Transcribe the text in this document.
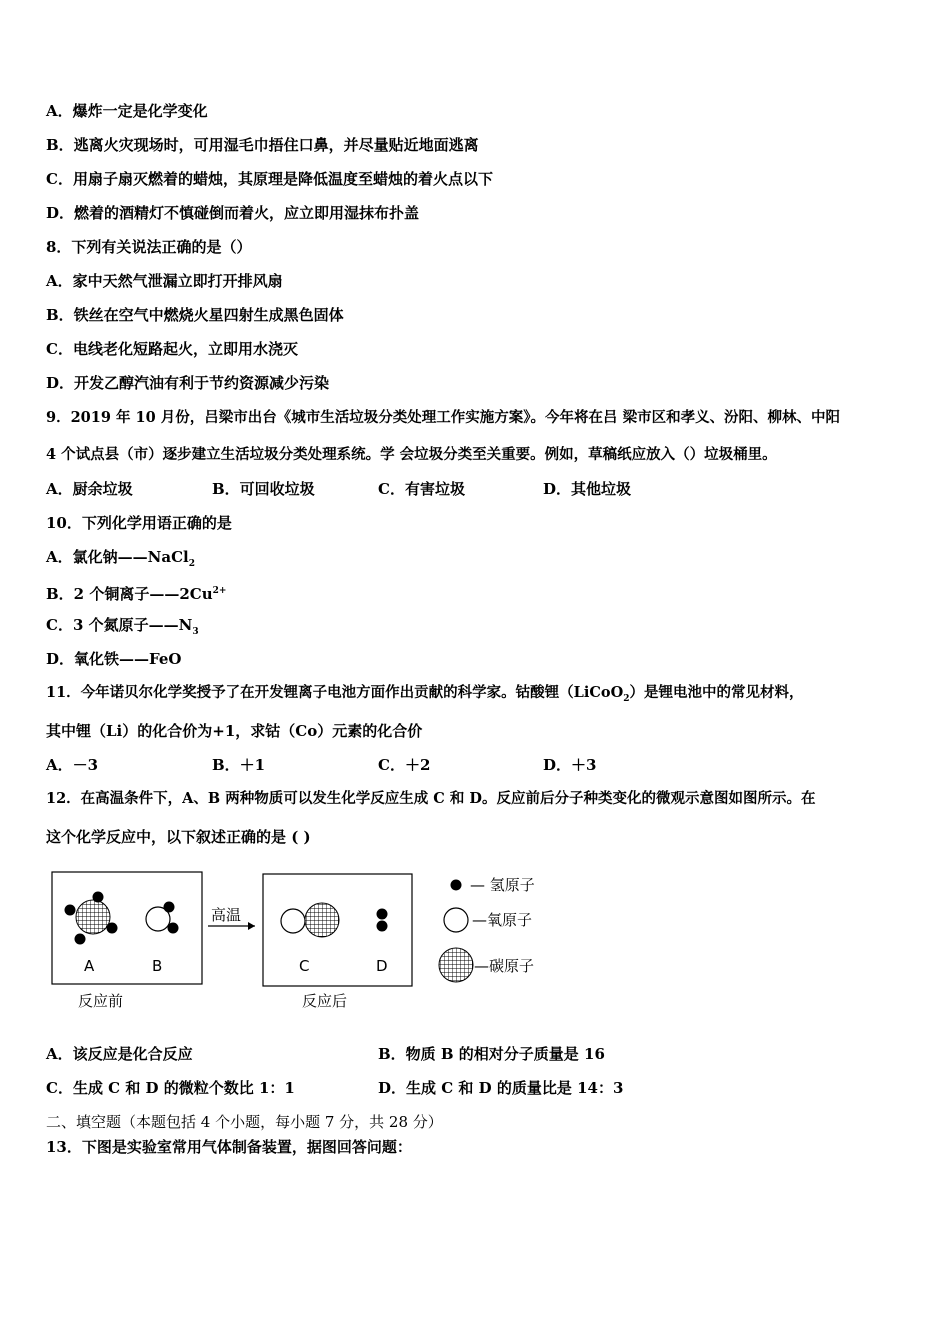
A．爆炸一定是化学变化
B．逃离火灾现场时，可用湿毛巾捂住口鼻，并尽量贴近地面逃离
C．用扇子扇灭燃着的蜡烛，其原理是降低温度至蜡烛的着火点以下
D．燃着的酒精灯不慎碰倒而着火，应立即用湿抹布扑盖
8．下列有关说法正确的是（）
A．家中天然气泄漏立即打开排风扇
B．铁丝在空气中燃烧火星四射生成黑色固体
C．电线老化短路起火，立即用水浇灭
D．开发乙醇汽油有利于节约资源减少污染
9．2019 年 10 月份，吕梁市出台《城市生活垃圾分类处理工作实施方案》。今年将在吕 梁市区和孝义、汾阳、柳林、中阳
4 个试点县（市）逐步建立生活垃圾分类处理系统。学 会垃圾分类至关重要。例如，草稿纸应放入（）垃圾桶里。
A．厨余垃圾	B．可回收垃圾	C．有害垃圾	D．其他垃圾
10．下列化学用语正确的是
A．氯化钠——NaCl$_2$
B．2 个铜离子$——2Cu^{2+}$
C．3 个氮原子$——N_3$
D．氧化铁——FeO
11．今年诺贝尔化学奖授予了在开发锂离子电池方面作出贡献的科学家。钴酸锂（LiCoO$_2$）是锂电池中的常见材料，
其中锂（Li）的化合价为+1，求钴（Co）元素的化合价
A．－3	B．＋1	C．＋2	D．＋3
12．在高温条件下，A、B 两种物质可以发生化学反应生成 C 和 D。反应前后分子种类变化的微观示意图如图所示。在
这个化学反应中，以下叙述正确的是 ( )
A	B
反应前
高温
C	D
反应后
— 氢原子
—氧原子
—碳原子
A．该反应是化合反应	B．物质 B 的相对分子质量是 16
C．生成 C 和 D 的微粒个数比 1：1	D．生成 C 和 D 的质量比是 14：3
二、填空题（本题包括 4 个小题，每小题 7 分，共 28 分）
13．下图是实验室常用气体制备装置，据图回答问题：
